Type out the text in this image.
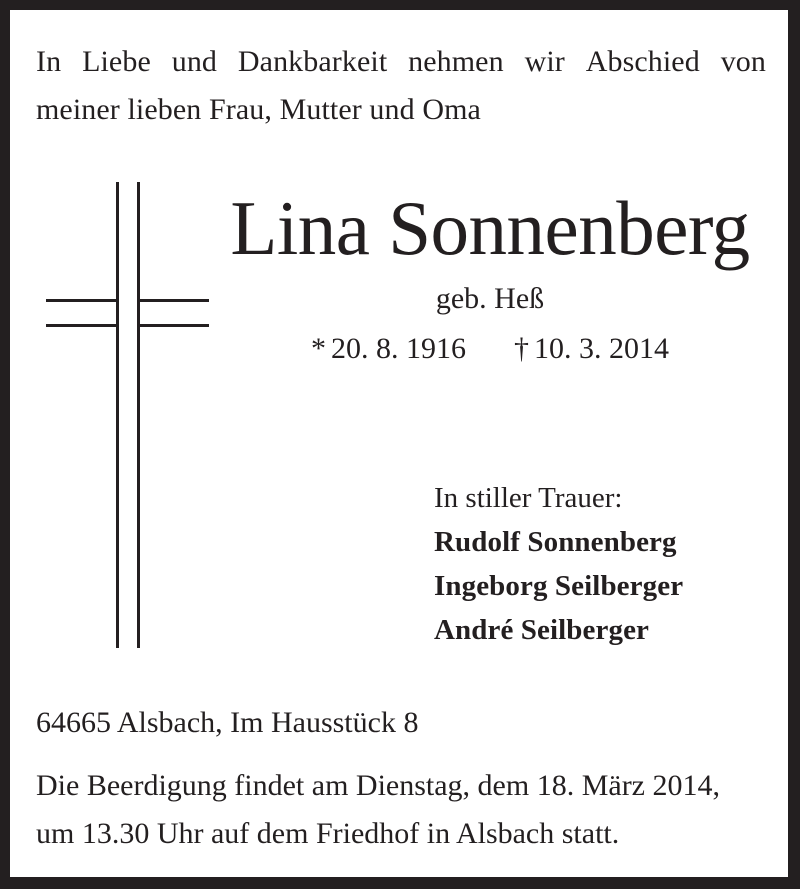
In Liebe und Dankbarkeit nehmen wir Abschied von
meiner lieben Frau, Mutter und Oma
Lina Sonnenberg
geb. Heß
* 20. 8. 1916 † 10. 3. 2014
In stiller Trauer:
Rudolf Sonnenberg
Ingeborg Seilberger
André Seilberger
64665 Alsbach, Im Hausstück 8
Die Beerdigung findet am Dienstag, dem 18. März 2014,
um 13.30 Uhr auf dem Friedhof in Alsbach statt.
